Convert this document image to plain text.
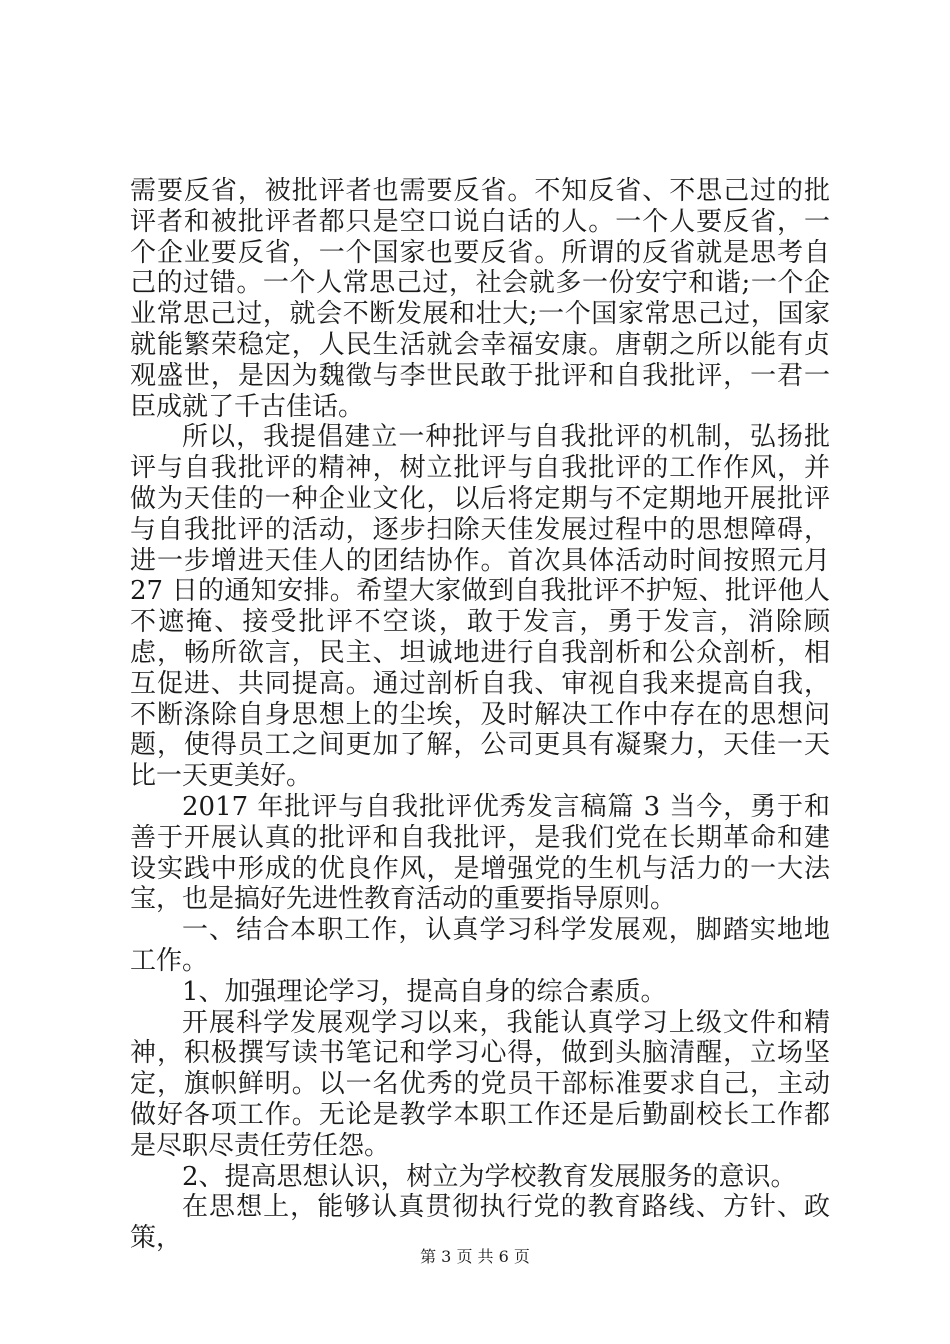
需要反省，被批评者也需要反省。不知反省、不思己过的批评者和被批评者都只是空口说白话的人。一个人要反省，一个企业要反省，一个国家也要反省。所谓的反省就是思考自己的过错。一个人常思己过，社会就多一份安宁和谐;一个企业常思己过，就会不断发展和壮大;一个国家常思己过，国家就能繁荣稳定，人民生活就会幸福安康。唐朝之所以能有贞观盛世，是因为魏徵与李世民敢于批评和自我批评，一君一臣成就了千古佳话。

所以，我提倡建立一种批评与自我批评的机制，弘扬批评与自我批评的精神，树立批评与自我批评的工作作风，并做为天佳的一种企业文化，以后将定期与不定期地开展批评与自我批评的活动，逐步扫除天佳发展过程中的思想障碍，进一步增进天佳人的团结协作。首次具体活动时间按照元月 27 日的通知安排。希望大家做到自我批评不护短、批评他人不遮掩、接受批评不空谈，敢于发言，勇于发言，消除顾虑，畅所欲言，民主、坦诚地进行自我剖析和公众剖析，相互促进、共同提高。通过剖析自我、审视自我来提高自我，不断涤除自身思想上的尘埃，及时解决工作中存在的思想问题，使得员工之间更加了解，公司更具有凝聚力，天佳一天比一天更美好。

2017 年批评与自我批评优秀发言稿篇 3 当今，勇于和善于开展认真的批评和自我批评，是我们党在长期革命和建设实践中形成的优良作风，是增强党的生机与活力的一大法宝，也是搞好先进性教育活动的重要指导原则。

一、结合本职工作，认真学习科学发展观，脚踏实地地工作。

1、加强理论学习，提高自身的综合素质。

开展科学发展观学习以来，我能认真学习上级文件和精神，积极撰写读书笔记和学习心得，做到头脑清醒，立场坚定，旗帜鲜明。以一名优秀的党员干部标准要求自己，主动做好各项工作。无论是教学本职工作还是后勤副校长工作都是尽职尽责任劳任怨。

2、提高思想认识，树立为学校教育发展服务的意识。

在思想上，能够认真贯彻执行党的教育路线、方针、政策，

第 3 页 共 6 页
